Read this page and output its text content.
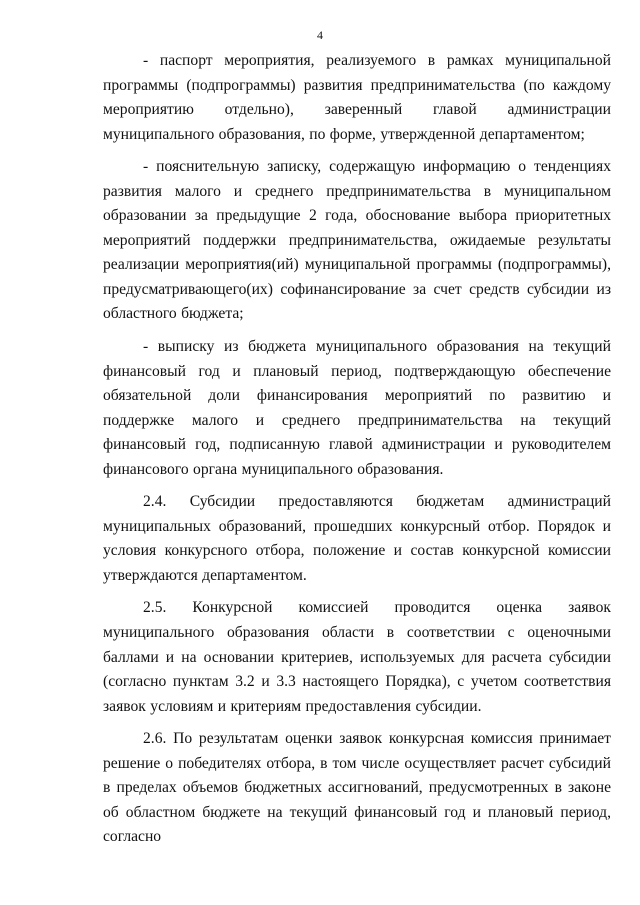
4

- паспорт мероприятия, реализуемого в рамках муниципальной программы (подпрограммы) развития предпринимательства (по каждому мероприятию отдельно), заверенный главой администрации муниципального образования, по форме, утвержденной департаментом;

- пояснительную записку, содержащую информацию о тенденциях развития малого и среднего предпринимательства в муниципальном образовании за предыдущие 2 года, обоснование выбора приоритетных мероприятий поддержки предпринимательства, ожидаемые результаты реализации мероприятия(ий) муниципальной программы (подпрограммы), предусматривающего(их) софинансирование за счет средств субсидии из областного бюджета;

- выписку из бюджета муниципального образования на текущий финансовый год и плановый период, подтверждающую обеспечение обязательной доли финансирования мероприятий по развитию и поддержке малого и среднего предпринимательства на текущий финансовый год, подписанную главой администрации и руководителем финансового органа муниципального образования.

2.4. Субсидии предоставляются бюджетам администраций муниципальных образований, прошедших конкурсный отбор. Порядок и условия конкурсного отбора, положение и состав конкурсной комиссии утверждаются департаментом.

2.5. Конкурсной комиссией проводится оценка заявок муниципального образования области в соответствии с оценочными баллами и на основании критериев, используемых для расчета субсидии (согласно пунктам 3.2 и 3.3 настоящего Порядка), с учетом соответствия заявок условиям и критериям предоставления субсидии.

2.6. По результатам оценки заявок конкурсная комиссия принимает решение о победителях отбора, в том числе осуществляет расчет субсидий в пределах объемов бюджетных ассигнований, предусмотренных в законе об областном бюджете на текущий финансовый год и плановый период, согласно
